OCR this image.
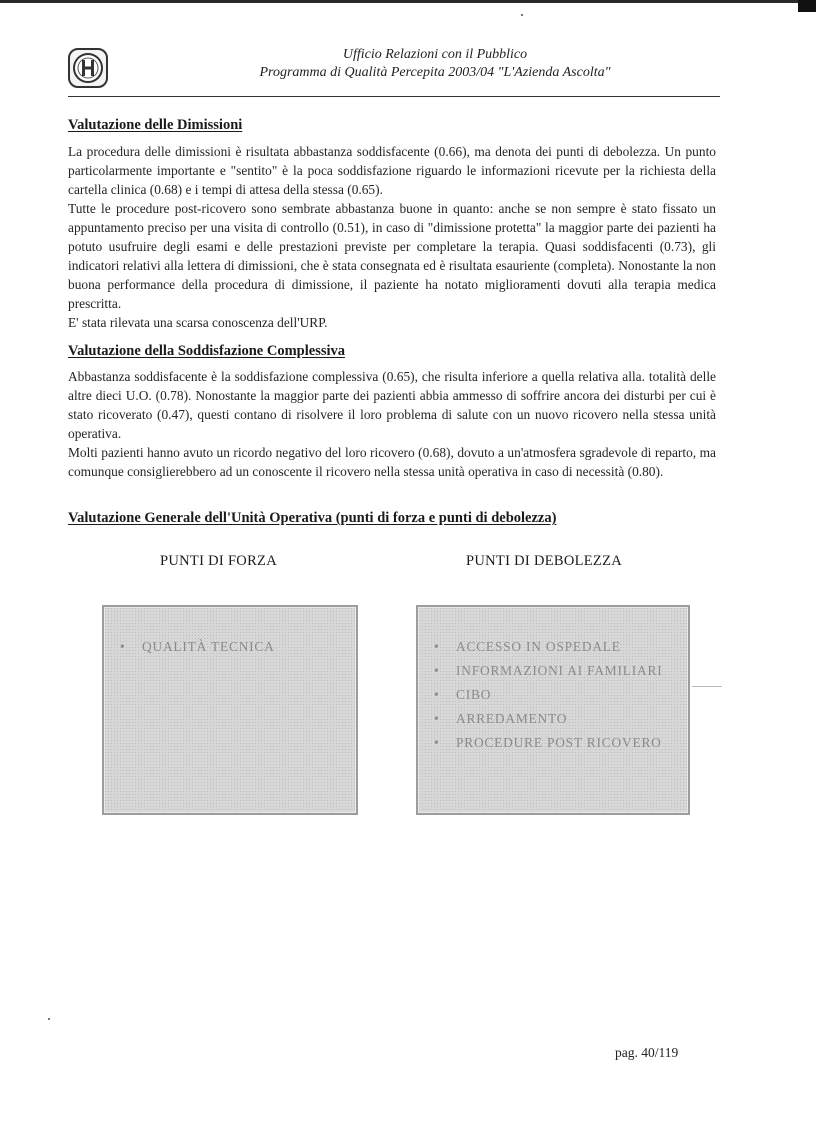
Ufficio Relazioni con il Pubblico
Programma di Qualità Percepita 2003/04 "L'Azienda Ascolta"
Valutazione delle Dimissioni

La procedura delle dimissioni è risultata abbastanza soddisfacente (0.66), ma denota dei punti di debolezza. Un punto particolarmente importante e "sentito" è la poca soddisfazione riguardo le informazioni ricevute per la richiesta della cartella clinica (0.68) e i tempi di attesa della stessa (0.65).

Tutte le procedure post-ricovero sono sembrate abbastanza buone in quanto: anche se non sempre è stato fissato un appuntamento preciso per una visita di controllo (0.51), in caso di "dimissione protetta" la maggior parte dei pazienti ha potuto usufruire degli esami e delle prestazioni previste per completare la terapia. Quasi soddisfacenti (0.73), gli indicatori relativi alla lettera di dimissioni, che è stata consegnata ed è risultata esauriente (completa). Nonostante la non buona performance della procedura di dimissione, il paziente ha notato miglioramenti dovuti alla terapia medica prescritta.

E' stata rilevata una scarsa conoscenza dell'URP.

Valutazione della Soddisfazione Complessiva

Abbastanza soddisfacente è la soddisfazione complessiva (0.65), che risulta inferiore a quella relativa alla. totalità delle altre dieci U.O. (0.78). Nonostante la maggior parte dei pazienti abbia ammesso di soffrire ancora dei disturbi per cui è stato ricoverato (0.47), questi contano di risolvere il loro problema di salute con un nuovo ricovero nella stessa unità operativa.

Molti pazienti hanno avuto un ricordo negativo del loro ricovero (0.68), dovuto a un'atmosfera sgradevole di reparto, ma comunque consiglierebbero ad un conoscente il ricovero nella stessa unità operativa in caso di necessità (0.80).

Valutazione Generale dell'Unità Operativa (punti di forza e punti di debolezza)
PUNTI DI FORZA	PUNTI DI DEBOLEZZA
• QUALITÀ TECNICA	• ACCESSO IN OSPEDALE
• INFORMAZIONI AI FAMILIARI
• CIBO
• ARREDAMENTO
• PROCEDURE POST RICOVERO
pag. 40/119
